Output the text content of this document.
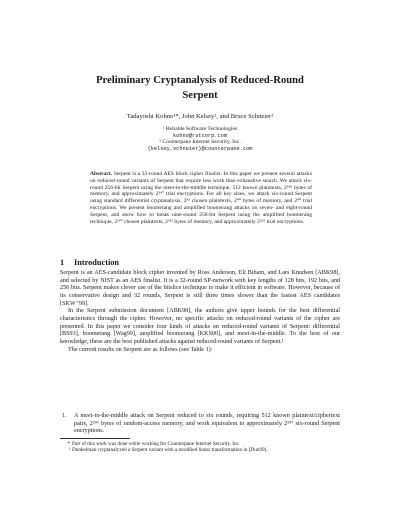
Preliminary Cryptanalysis of Reduced-Round
Serpent
Tadayoshi Kohno¹*, John Kelsey², and Bruce Schneier²
¹ Reliable Software Technologies
kohno@rstcorp.com
² Counterpane Internet Security, Inc.
{kelsey,schneier}@counterpane.com
Abstract. Serpent is a 32-round AES block cipher finalist. In this paper we present several attacks on reduced-round variants of Serpent that require less work than exhaustive search. We attack six-round 256-bit Serpent using the meet-in-the-middle technique, 512 known plaintexts, 2²⁴⁶ bytes of memory, and approximately 2²⁴⁷ trial encryptions. For all key sizes, we attack six-round Serpent using standard differential cryptanalysis, 2⁸³ chosen plaintexts, 2⁴⁰ bytes of memory, and 2⁹⁰ trial encryptions. We present boomerang and amplified boomerang attacks on seven- and eight-round Serpent, and show how to break nine-round 256-bit Serpent using the amplified boomerang technique, 2¹¹⁰ chosen plaintexts, 2²¹² bytes of memory, and approximately 2²⁵² trial encryptions.
1 Introduction

Serpent is an AES-candidate block cipher invented by Ross Anderson, Eli Biham, and Lars Knudsen [ABK98], and selected by NIST as an AES finalist. It is a 32-round SP-network with key lengths of 128 bits, 192 bits, and 256 bits. Serpent makes clever use of the bitslice technique to make it efficient in software. However, because of its conservative design and 32 rounds, Serpent is still three times slower than the fastest AES candidates [SKW⁺99].

In the Serpent submission document [ABK98], the authors give upper bounds for the best differential characteristics through the cipher. However, no specific attacks on reduced-round variants of the cipher are presented. In this paper we consider four kinds of attacks on reduced-round variants of Serpent: differential [BS93], boomerang [Wag99], amplified boomerang [KKS00], and meet-in-the-middle. To the best of our knowledge, these are the best published attacks against reduced-round variants of Serpent.¹

The current results on Serpent are as follows (see Table 1):

1.	A meet-in-the-middle attack on Serpent reduced to six rounds, requiring 512 known plaintext/ciphertext pairs, 2²⁴⁶ bytes of random-access memory, and work equivalent to approximately 2²⁴⁷ six-round Serpent encryptions.
* Part of this work was done while working for Counterpane Internet Security, Inc.
¹ Dunkelman cryptanalyzed a Serpent variant with a modified linear transformation in [Dun99].
